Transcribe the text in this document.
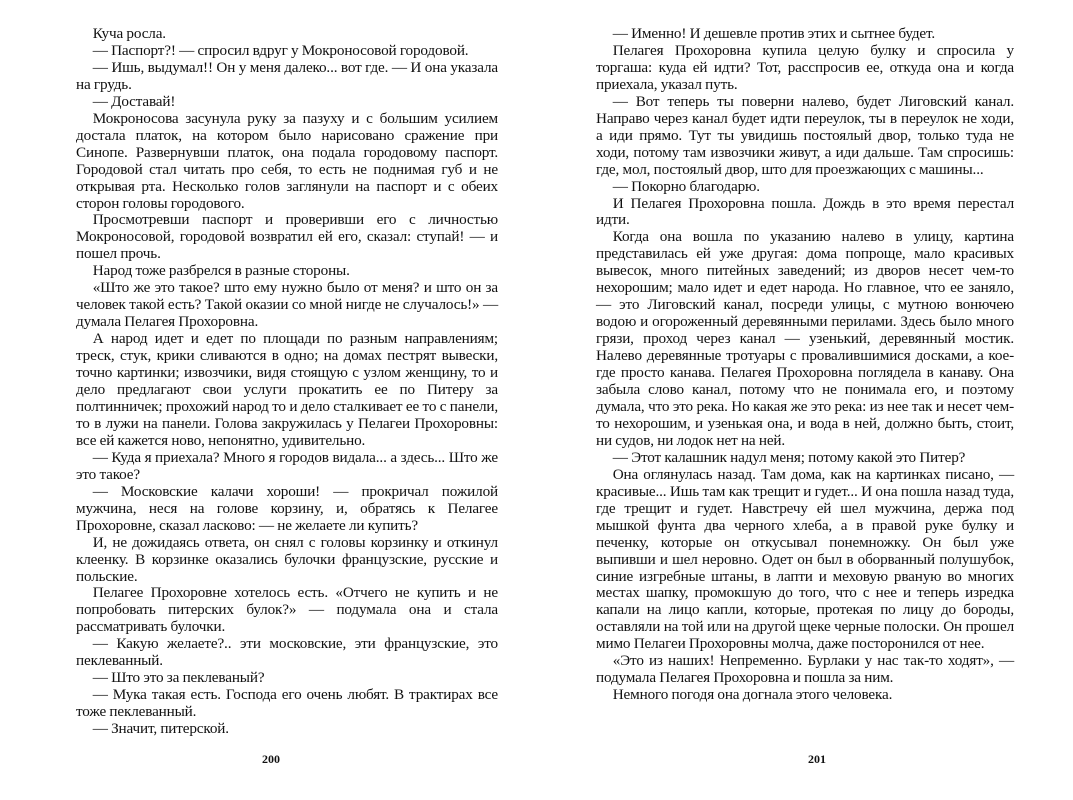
Куча росла.

— Паспорт?! — спросил вдруг у Мокроносовой городовой.

— Ишь, выдумал!! Он у меня далеко... вот где. — И она указала на грудь.

— Доставай!

Мокроносова засунула руку за пазуху и с большим усилием достала платок, на котором было нарисовано сражение при Синопе. Развернувши платок, она подала городовому паспорт. Городовой стал читать про себя, то есть не поднимая губ и не открывая рта. Несколько голов заглянули на паспорт и с обеих сторон головы городового.

Просмотревши паспорт и проверивши его с личностью Мокроносовой, городовой возвратил ей его, сказал: ступай! — и пошел прочь.

Народ тоже разбрелся в разные стороны.

«Што же это такое? што ему нужно было от меня? и што он за человек такой есть? Такой оказии со мной нигде не случалось!» — думала Пелагея Прохоровна.

А народ идет и едет по площади по разным направлениям; треск, стук, крики сливаются в одно; на домах пестрят вывески, точно картинки; извозчики, видя стоящую с узлом женщину, то и дело предлагают свои услуги прокатить ее по Питеру за полтинничек; прохожий народ то и дело сталкивает ее то с панели, то в лужи на панели. Голова закружилась у Пелагеи Прохоровны: все ей кажется ново, непонятно, удивительно.

— Куда я приехала? Много я городов видала... а здесь... Што же это такое?

— Московские калачи хороши! — прокричал пожилой мужчина, неся на голове корзину, и, обратясь к Пелагее Прохоровне, сказал ласково: — не желаете ли купить?

И, не дожидаясь ответа, он снял с головы корзинку и откинул клеенку. В корзинке оказались булочки французские, русские и польские.

Пелагее Прохоровне хотелось есть. «Отчего не купить и не попробовать питерских булок?» — подумала она и стала рассматривать булочки.

— Какую желаете?.. эти московские, эти французские, это пеклеванный.

— Што это за пеклеваный?

— Мука такая есть. Господа его очень любят. В трактирах все тоже пеклеванный.

— Значит, питерской.

200

— Именно! И дешевле против этих и сытнее будет.

Пелагея Прохоровна купила целую булку и спросила у торгаша: куда ей идти? Тот, расспросив ее, откуда она и когда приехала, указал путь.

— Вот теперь ты поверни налево, будет Лиговский канал. Направо через канал будет идти переулок, ты в переулок не ходи, а иди прямо. Тут ты увидишь постоялый двор, только туда не ходи, потому там извозчики живут, а иди дальше. Там спросишь: где, мол, постоялый двор, што для проезжающих с машины...

— Покорно благодарю.

И Пелагея Прохоровна пошла. Дождь в это время перестал идти.

Когда она вошла по указанию налево в улицу, картина представилась ей уже другая: дома попроще, мало красивых вывесок, много питейных заведений; из дворов несет чем-то нехорошим; мало идет и едет народа. Но главное, что ее заняло, — это Лиговский канал, посреди улицы, с мутною вонючею водою и огороженный деревянными перилами. Здесь было много грязи, проход через канал — узенький, деревянный мостик. Налево деревянные тротуары с провалившимися досками, а кое-где просто канава. Пелагея Прохоровна поглядела в канаву. Она забыла слово канал, потому что не понимала его, и поэтому думала, что это река. Но какая же это река: из нее так и несет чем-то нехорошим, и узенькая она, и вода в ней, должно быть, стоит, ни судов, ни лодок нет на ней.

— Этот калашник надул меня; потому какой это Питер?

Она оглянулась назад. Там дома, как на картинках писано, — красивые... Ишь там как трещит и гудет... И она пошла назад туда, где трещит и гудет. Навстречу ей шел мужчина, держа под мышкой фунта два черного хлеба, а в правой руке булку и печенку, которые он откусывал понемножку. Он был уже выпивши и шел неровно. Одет он был в оборванный полушубок, синие изгребные штаны, в лапти и меховую рваную во многих местах шапку, промокшую до того, что с нее и теперь изредка капали на лицо капли, которые, протекая по лицу до бороды, оставляли на той или на другой щеке черные полоски. Он прошел мимо Пелагеи Прохоровны молча, даже посторонился от нее.

«Это из наших! Непременно. Бурлаки у нас так-то ходят», — подумала Пелагея Прохоровна и пошла за ним.

Немного погодя она догнала этого человека.

201
